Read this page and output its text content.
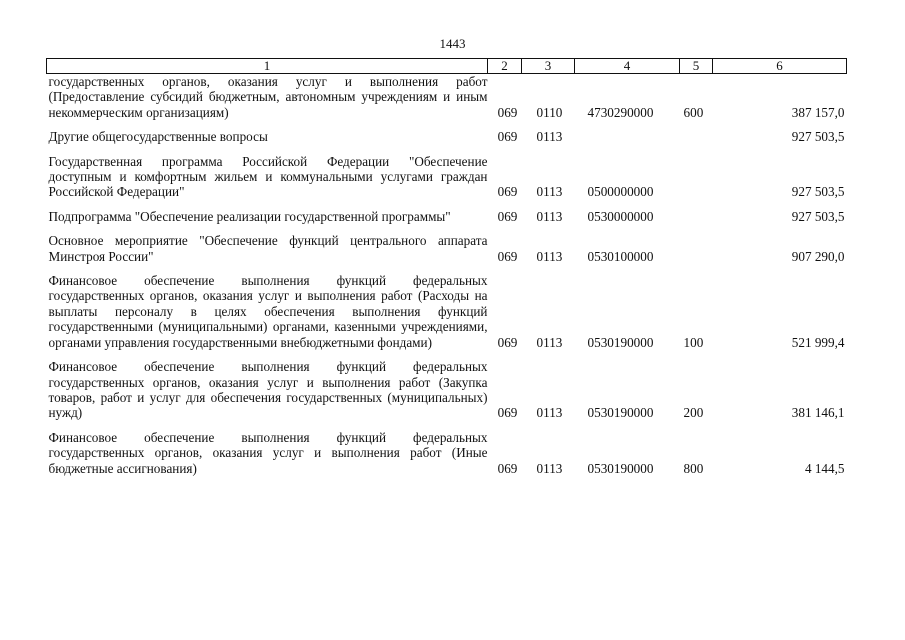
1443
1	2	3	4	5	6
государственных органов, оказания услуг и выполнения работ (Предоставление субсидий бюджетным, автономным учреждениям и иным некоммерческим организациям)	069	0110	4730290000	600	387 157,0

Другие общегосударственные вопросы	069	0113			927 503,5

Государственная программа Российской Федерации "Обеспечение доступным и комфортным жильем и коммунальными услугами граждан Российской Федерации"	069	0113	0500000000		927 503,5

Подпрограмма "Обеспечение реализации государственной программы"	069	0113	0530000000		927 503,5

Основное мероприятие "Обеспечение функций центрального аппарата Минстроя России"	069	0113	0530100000		907 290,0

Финансовое обеспечение выполнения функций федеральных государственных органов, оказания услуг и выполнения работ (Расходы на выплаты персоналу в целях обеспечения выполнения функций государственными (муниципальными) органами, казенными учреждениями, органами управления государственными внебюджетными фондами)	069	0113	0530190000	100	521 999,4

Финансовое обеспечение выполнения функций федеральных государственных органов, оказания услуг и выполнения работ (Закупка товаров, работ и услуг для обеспечения государственных (муниципальных) нужд)	069	0113	0530190000	200	381 146,1

Финансовое обеспечение выполнения функций федеральных государственных органов, оказания услуг и выполнения работ (Иные бюджетные ассигнования)	069	0113	0530190000	800	4 144,5
